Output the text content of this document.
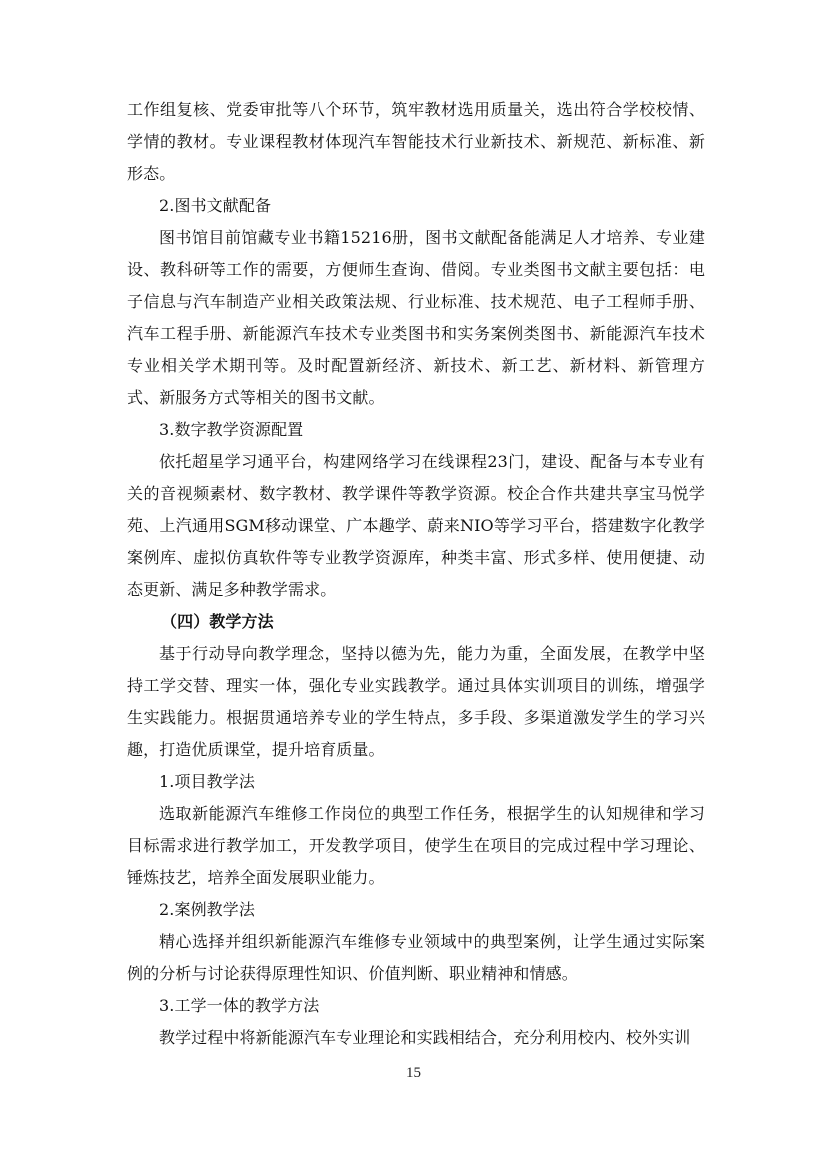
工作组复核、党委审批等八个环节，筑牢教材选用质量关，选出符合学校校情、学情的教材。专业课程教材体现汽车智能技术行业新技术、新规范、新标准、新形态。

2.图书文献配备

图书馆目前馆藏专业书籍15216册，图书文献配备能满足人才培养、专业建设、教科研等工作的需要，方便师生查询、借阅。专业类图书文献主要包括：电子信息与汽车制造产业相关政策法规、行业标准、技术规范、电子工程师手册、汽车工程手册、新能源汽车技术专业类图书和实务案例类图书、新能源汽车技术专业相关学术期刊等。及时配置新经济、新技术、新工艺、新材料、新管理方式、新服务方式等相关的图书文献。

3.数字教学资源配置

依托超星学习通平台，构建网络学习在线课程23门，建设、配备与本专业有关的音视频素材、数字教材、教学课件等教学资源。校企合作共建共享宝马悦学苑、上汽通用SGM移动课堂、广本趣学、蔚来NIO等学习平台，搭建数字化教学案例库、虚拟仿真软件等专业教学资源库，种类丰富、形式多样、使用便捷、动态更新、满足多种教学需求。

（四）教学方法

基于行动导向教学理念，坚持以德为先，能力为重，全面发展，在教学中坚持工学交替、理实一体，强化专业实践教学。通过具体实训项目的训练，增强学生实践能力。根据贯通培养专业的学生特点，多手段、多渠道激发学生的学习兴趣，打造优质课堂，提升培育质量。

1.项目教学法

选取新能源汽车维修工作岗位的典型工作任务，根据学生的认知规律和学习目标需求进行教学加工，开发教学项目，使学生在项目的完成过程中学习理论、锤炼技艺，培养全面发展职业能力。

2.案例教学法

精心选择并组织新能源汽车维修专业领域中的典型案例，让学生通过实际案例的分析与讨论获得原理性知识、价值判断、职业精神和情感。

3.工学一体的教学方法

教学过程中将新能源汽车专业理论和实践相结合，充分利用校内、校外实训

15
